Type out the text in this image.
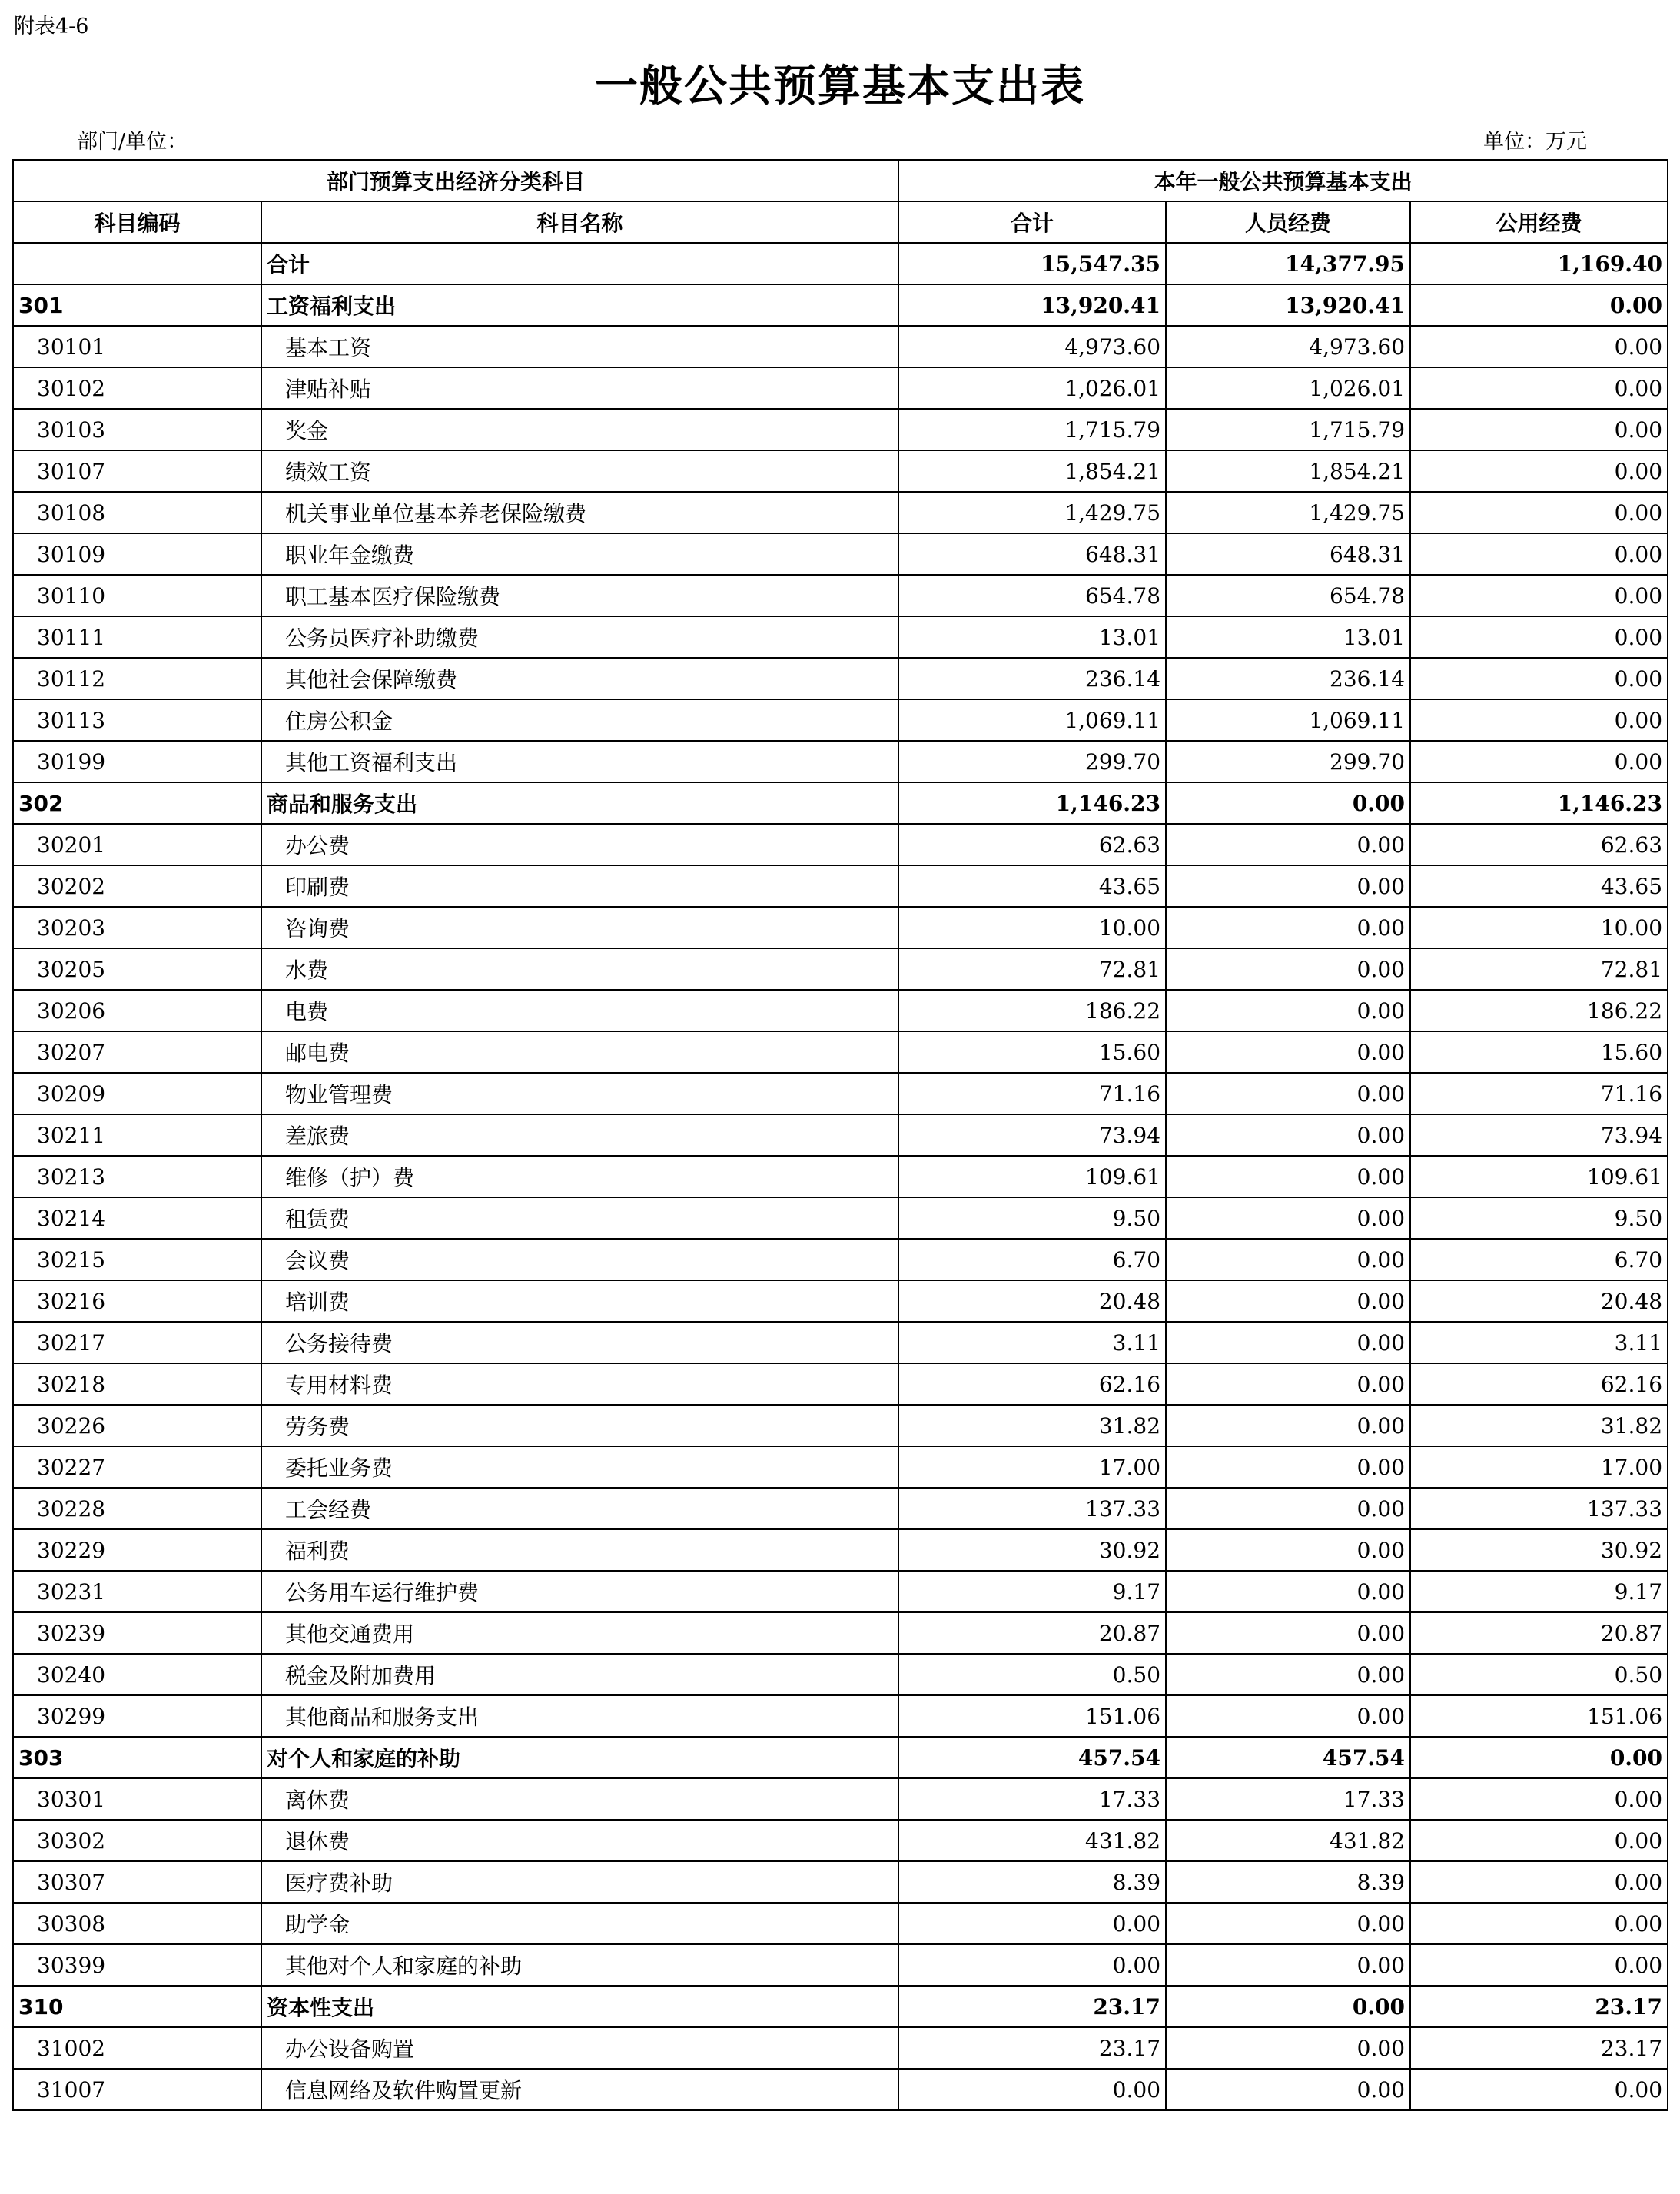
附表4-6
一般公共预算基本支出表
部门/单位：	单位：万元
部门预算支出经济分类科目		本年一般公共预算基本支出		
科目编码	科目名称	合计	人员经费	公用经费
	合计	15,547.35	14,377.95	1,169.40
301	工资福利支出	13,920.41	13,920.41	0.00
30101	基本工资	4,973.60	4,973.60	0.00
30102	津贴补贴	1,026.01	1,026.01	0.00
30103	奖金	1,715.79	1,715.79	0.00
30107	绩效工资	1,854.21	1,854.21	0.00
30108	机关事业单位基本养老保险缴费	1,429.75	1,429.75	0.00
30109	职业年金缴费	648.31	648.31	0.00
30110	职工基本医疗保险缴费	654.78	654.78	0.00
30111	公务员医疗补助缴费	13.01	13.01	0.00
30112	其他社会保障缴费	236.14	236.14	0.00
30113	住房公积金	1,069.11	1,069.11	0.00
30199	其他工资福利支出	299.70	299.70	0.00
302	商品和服务支出	1,146.23	0.00	1,146.23
30201	办公费	62.63	0.00	62.63
30202	印刷费	43.65	0.00	43.65
30203	咨询费	10.00	0.00	10.00
30205	水费	72.81	0.00	72.81
30206	电费	186.22	0.00	186.22
30207	邮电费	15.60	0.00	15.60
30209	物业管理费	71.16	0.00	71.16
30211	差旅费	73.94	0.00	73.94
30213	维修（护）费	109.61	0.00	109.61
30214	租赁费	9.50	0.00	9.50
30215	会议费	6.70	0.00	6.70
30216	培训费	20.48	0.00	20.48
30217	公务接待费	3.11	0.00	3.11
30218	专用材料费	62.16	0.00	62.16
30226	劳务费	31.82	0.00	31.82
30227	委托业务费	17.00	0.00	17.00
30228	工会经费	137.33	0.00	137.33
30229	福利费	30.92	0.00	30.92
30231	公务用车运行维护费	9.17	0.00	9.17
30239	其他交通费用	20.87	0.00	20.87
30240	税金及附加费用	0.50	0.00	0.50
30299	其他商品和服务支出	151.06	0.00	151.06
303	对个人和家庭的补助	457.54	457.54	0.00
30301	离休费	17.33	17.33	0.00
30302	退休费	431.82	431.82	0.00
30307	医疗费补助	8.39	8.39	0.00
30308	助学金	0.00	0.00	0.00
30399	其他对个人和家庭的补助	0.00	0.00	0.00
310	资本性支出	23.17	0.00	23.17
31002	办公设备购置	23.17	0.00	23.17
31007	信息网络及软件购置更新	0.00	0.00	0.00
